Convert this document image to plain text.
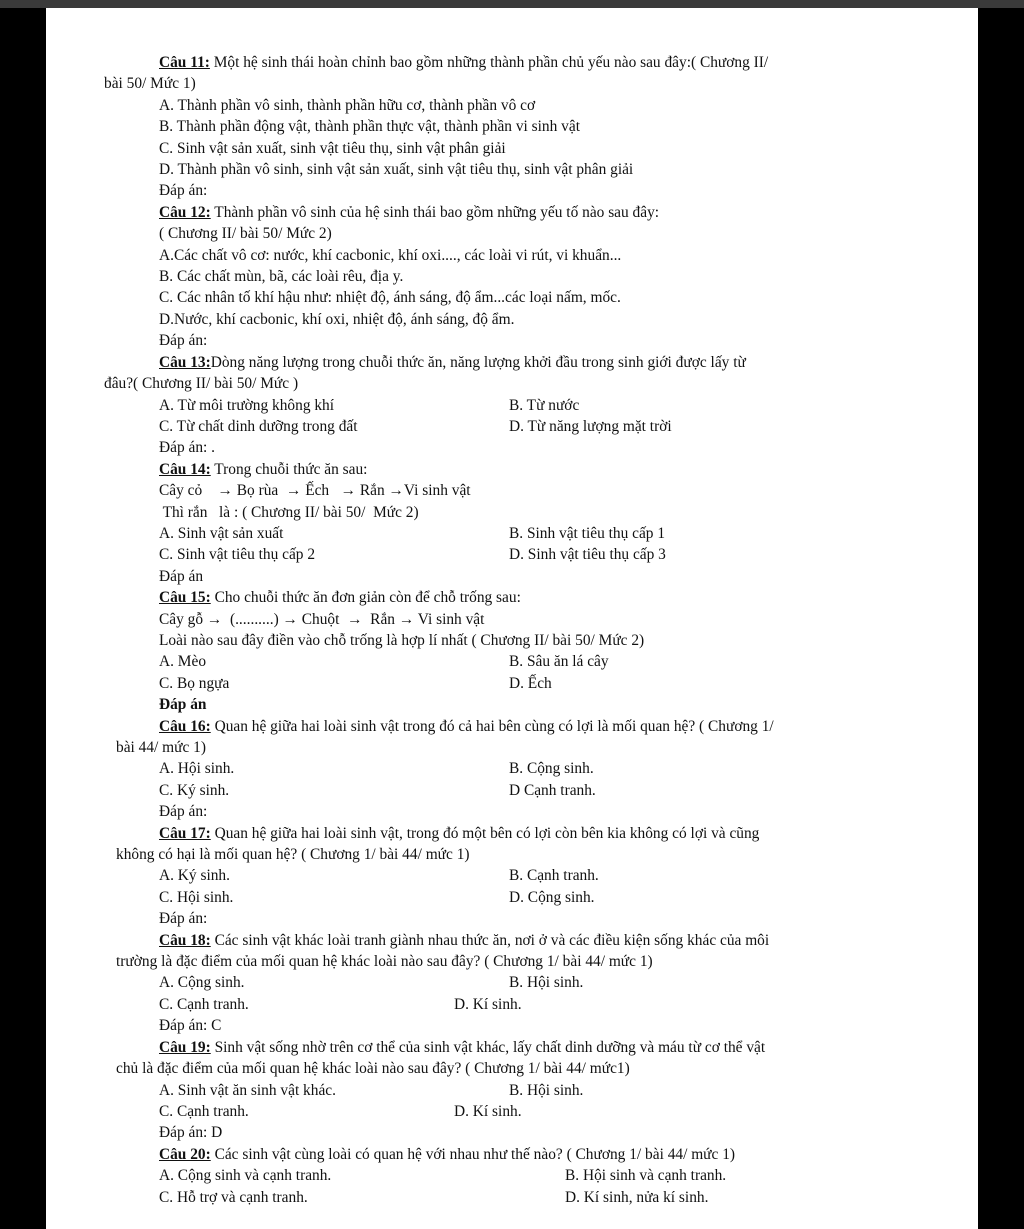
Câu 11: Một hệ sinh thái hoàn chỉnh bao gồm những thành phần chủ yếu nào sau đây:( Chương II/
bài 50/ Mức 1)
A. Thành phần vô sinh, thành phần hữu cơ, thành phần vô cơ
B. Thành phần động vật, thành phần thực vật, thành phần vi sinh vật
C. Sinh vật sản xuất, sinh vật tiêu thụ, sinh vật phân giải
D. Thành phần vô sinh, sinh vật sản xuất, sinh vật tiêu thụ, sinh vật phân giải
Đáp án:
Câu 12: Thành phần vô sinh của hệ sinh thái bao gồm những yếu tố nào sau đây:
( Chương II/ bài 50/ Mức 2)
A.Các chất vô cơ: nước, khí cacbonic, khí oxi...., các loài vi rút, vi khuẩn...
B. Các chất mùn, bã, các loài rêu, địa y.
C. Các nhân tố khí hậu như: nhiệt độ, ánh sáng, độ ẩm...các loại nấm, mốc.
D.Nước, khí cacbonic, khí oxi, nhiệt độ, ánh sáng, độ ẩm.
Đáp án:
Câu 13:Dòng năng lượng trong chuỗi thức ăn, năng lượng khởi đầu trong sinh giới được lấy từ
đâu?( Chương II/ bài 50/ Mức )
A. Từ môi trường không khí	B. Từ nước
C. Từ chất dinh dưỡng trong đất	D. Từ năng lượng mặt trời
Đáp án: .
Câu 14: Trong chuỗi thức ăn sau:
Cây cỏ    → Bọ rùa  → Ếch   → Rắn →Vi sinh vật
Thì rắn   là : ( Chương II/ bài 50/  Mức 2)
A. Sinh vật sản xuất	B. Sinh vật tiêu thụ cấp 1
C. Sinh vật tiêu thụ cấp 2	D. Sinh vật tiêu thụ cấp 3
Đáp án
Câu 15: Cho chuỗi thức ăn đơn giản còn để chỗ trống sau:
Cây gỗ →  (..........) → Chuột  →  Rắn → Vi sinh vật
Loài nào sau đây điền vào chỗ trống là hợp lí nhất ( Chương II/ bài 50/ Mức 2)
A. Mèo	B. Sâu ăn lá cây
C. Bọ ngựa	D. Ếch
Đáp án
Câu 16: Quan hệ giữa hai loài sinh vật trong đó cả hai bên cùng có lợi là mối quan hệ? ( Chương 1/
bài 44/ mức 1)
A. Hội sinh.	B. Cộng sinh.
C. Ký sinh.	D Cạnh tranh.
Đáp án:
Câu 17: Quan hệ giữa hai loài sinh vật, trong đó một bên có lợi còn bên kia không có lợi và cũng
không có hại là mối quan hệ? ( Chương 1/ bài 44/ mức 1)
A. Ký sinh.	B. Cạnh tranh.
C. Hội sinh.	D. Cộng sinh.
Đáp án:
Câu 18: Các sinh vật khác loài tranh giành nhau thức ăn, nơi ở và các điều kiện sống khác của môi
trường là đặc điểm của mối quan hệ khác loài nào sau đây? ( Chương 1/ bài 44/ mức 1)
A. Cộng sinh.	B. Hội sinh.
C. Cạnh tranh.	D. Kí sinh.
Đáp án: C
Câu 19: Sinh vật sống nhờ trên cơ thể của sinh vật khác, lấy chất dinh dưỡng và máu từ cơ thể vật
chủ là đặc điểm của mối quan hệ khác loài nào sau đây? ( Chương 1/ bài 44/ mức1)
A. Sinh vật ăn sinh vật khác.	B. Hội sinh.
C. Cạnh tranh.	D. Kí sinh.
Đáp án: D
Câu 20: Các sinh vật cùng loài có quan hệ với nhau như thế nào? ( Chương 1/ bài 44/ mức 1)
A. Cộng sinh và cạnh tranh.	B. Hội sinh và cạnh tranh.
C. Hỗ trợ và cạnh tranh.	D. Kí sinh, nửa kí sinh.
